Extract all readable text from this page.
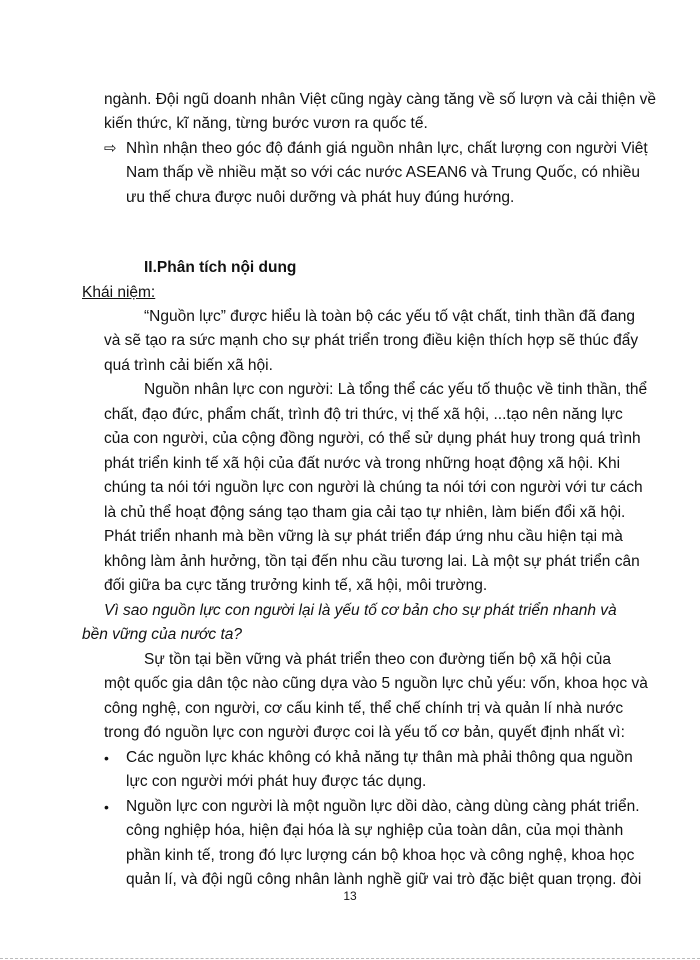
ngành. Đội ngũ doanh nhân Việt cũng ngày càng tăng về số lượn và cải thiện về

kiến thức, kĩ năng, từng bước vươn ra quốc tế.

⇨ Nhìn nhận theo góc độ đánh giá nguồn nhân lực, chất lượng con người Viêṭ

Nam thấp về nhiều mặt so với các nước ASEAN6 và Trung Quốc, có nhiều

ưu thế chưa được nuôi dưỡng và phát huy đúng hướng.

II.Phân tích nội dung

Khái niệm:

“Nguồn lực” được hiểu là toàn bộ các yếu tố vật chất, tinh thần đã đang

và sẽ tạo ra sức mạnh cho sự phát triển trong điều kiện thích hợp sẽ thúc đẩy

quá trình cải biến xã hội.

Nguồn nhân lực con người: Là tổng thể các yếu tố thuộc về tinh thần, thể

chất, đạo đức, phẩm chất, trình độ tri thức, vị thế xã hội, ...tạo nên năng lực

của con người, của cộng đồng người, có thể sử dụng phát huy trong quá trình

phát triển kinh tế xã hội của đất nước và trong những hoạt động xã hội. Khi

chúng ta nói tới nguồn lực con người là chúng ta nói tới con người với tư cách

là chủ thể hoạt động sáng tạo tham gia cải tạo tự nhiên, làm biến đổi xã hội.

Phát triển nhanh mà bền vững là sự phát triển đáp ứng nhu cầu hiện tại mà

không làm ảnh hưởng, tồn tại đến nhu cầu tương lai. Là một sự phát triển cân

đối giữa ba cực tăng trưởng kinh tế, xã hội, môi trường.

Vì sao nguồn lực con người lại là yếu tố cơ bản cho sự phát triển nhanh và

bền vững của nước ta?

Sự tồn tại bền vững và phát triển theo con đường tiến bộ xã hội của

một quốc gia dân tộc nào cũng dựa vào 5 nguồn lực chủ yếu: vốn, khoa học và

công nghệ, con người, cơ cấu kinh tế, thể chế chính trị và quản lí nhà nước

trong đó nguồn lực con người được coi là yếu tố cơ bản, quyết định nhất vì:

• Các nguồn lực khác không có khả năng tự thân mà phải thông qua nguồn

lực con người mới phát huy được tác dụng.

• Nguồn lực con người là một nguồn lực dồi dào, càng dùng càng phát triển.

công nghiệp hóa, hiện đại hóa là sự nghiệp của toàn dân, của mọi thành

phần kinh tế, trong đó lực lượng cán bộ khoa học và công nghệ, khoa học

quản lí, và đội ngũ công nhân lành nghề giữ vai trò đặc biệt quan trọng. đòi

13
